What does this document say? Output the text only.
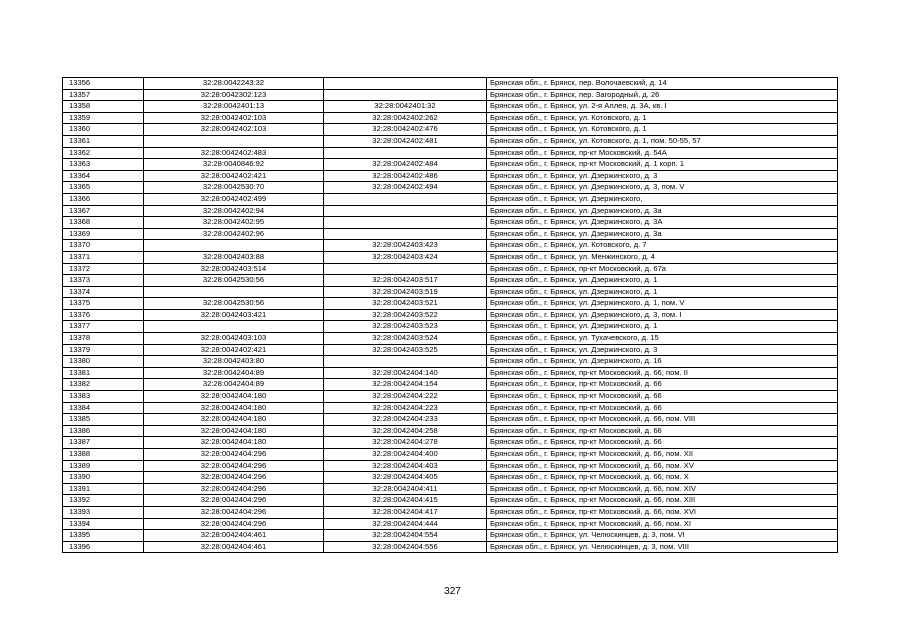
13356	32:28:0042243:32		Брянская обл., г. Брянск, пер. Волочаевский, д. 14
13357	32:28:0042302:123		Брянская обл., г. Брянск, пер. Загородный, д. 26
13358	32:28:0042401:13	32:28:0042401:32	Брянская обл., г. Брянск, ул. 2-я Аллея, д. 3А, кв. I
13359	32:28:0042402:103	32:28:0042402:262	Брянская обл., г. Брянск, ул. Котовского, д. 1
13360	32:28:0042402:103	32:28:0042402:476	Брянская обл., г. Брянск, ул. Котовского, д. 1
13361		32:28:0042402:481	Брянская обл., г. Брянск, ул. Котовского, д. 1, пом. 50-55, 57
13362	32:28:0042402:483		Брянская обл., г. Брянск, пр-кт Московский, д. 54А
13363	32:28:0040846:92	32:28:0042402:484	Брянская обл., г. Брянск, пр-кт Московский, д. 1 корп. 1
13364	32:28:0042402:421	32:28:0042402:486	Брянская обл., г. Брянск, ул. Дзержинского, д. 3
13365	32:28:0042530:70	32:28:0042402:494	Брянская обл., г. Брянск, ул. Дзержинского, д. 3, пом. V
13366	32:28:0042402:499		Брянская обл., г. Брянск, ул. Дзержинского,
13367	32:28:0042402:94		Брянская обл., г. Брянск, ул. Дзержинского, д. 3а
13368	32:28:0042402:95		Брянская обл., г. Брянск, ул. Дзержинского, д. 3А
13369	32:28:0042402:96		Брянская обл., г. Брянск, ул. Дзержинского, д. 3а
13370		32:28:0042403:423	Брянская обл., г. Брянск, ул. Котовского, д. 7
13371	32:28:0042403:88	32:28:0042403:424	Брянская обл., г. Брянск, ул. Менжинского, д. 4
13372	32:28:0042403:514		Брянская обл., г. Брянск, пр-кт Московский, д. 67а
13373	32:28:0042530:56	32:28:0042403:517	Брянская обл., г. Брянск, ул. Дзержинского, д. 1
13374		32:28:0042403:519	Брянская обл., г. Брянск, ул. Дзержинского, д. 1
13375	32:28:0042530:56	32:28:0042403:521	Брянская обл., г. Брянск, ул. Дзержинского, д. 1, пом. V
13376	32:28:0042403:421	32:28:0042403:522	Брянская обл., г. Брянск, ул. Дзержинского, д. 3, пом. I
13377		32:28:0042403:523	Брянская обл., г. Брянск, ул. Дзержинского, д. 1
13378	32:28:0042403:103	32:28:0042403:524	Брянская обл., г. Брянск, ул. Тухачевского, д. 15
13379	32:28:0042402:421	32:28:0042403:525	Брянская обл., г. Брянск, ул. Дзержинского, д. 3
13380	32:28:0042403:80		Брянская обл., г. Брянск, ул. Дзержинского, д. 16
13381	32:28:0042404:89	32:28:0042404:140	Брянская обл., г. Брянск, пр-кт Московский, д. 66, пом. II
13382	32:28:0042404:89	32:28:0042404:154	Брянская обл., г. Брянск, пр-кт Московский, д. 66
13383	32:28:0042404:180	32:28:0042404:222	Брянская обл., г. Брянск, пр-кт Московский, д. 66
13384	32:28:0042404:180	32:28:0042404:223	Брянская обл., г. Брянск, пр-кт Московский, д. 66
13385	32:28:0042404:180	32:28:0042404:233	Брянская обл., г. Брянск, пр-кт Московский, д. 66, пом. VIII
13386	32:28:0042404:180	32:28:0042404:258	Брянская обл., г. Брянск, пр-кт Московский, д. 66
13387	32:28:0042404:180	32:28:0042404:278	Брянская обл., г. Брянск, пр-кт Московский, д. 66
13388	32:28:0042404:296	32:28:0042404:400	Брянская обл., г. Брянск, пр-кт Московский, д. 66, пом. XII
13389	32:28:0042404:296	32:28:0042404:403	Брянская обл., г. Брянск, пр-кт Московский, д. 66, пом. XV
13390	32:28:0042404:296	32:28:0042404:405	Брянская обл., г. Брянск, пр-кт Московский, д. 66, пом. X
13391	32:28:0042404:296	32:28:0042404:411	Брянская обл., г. Брянск, пр-кт Московский, д. 66, пом. XIV
13392	32:28:0042404:296	32:28:0042404:415	Брянская обл., г. Брянск, пр-кт Московский, д. 66, пом. XIII
13393	32:28:0042404:296	32:28:0042404:417	Брянская обл., г. Брянск, пр-кт Московский, д. 66, пом. XVI
13394	32:28:0042404:296	32:28:0042404:444	Брянская обл., г. Брянск, пр-кт Московский, д. 66, пом. XI
13395	32:28:0042404:461	32:28:0042404:554	Брянская обл., г. Брянск, ул. Челюскинцев, д. 3, пом. VI
13396	32:28:0042404:461	32:28:0042404:556	Брянская обл., г. Брянск, ул. Челюскинцев, д. 3, пом. VIII
327
